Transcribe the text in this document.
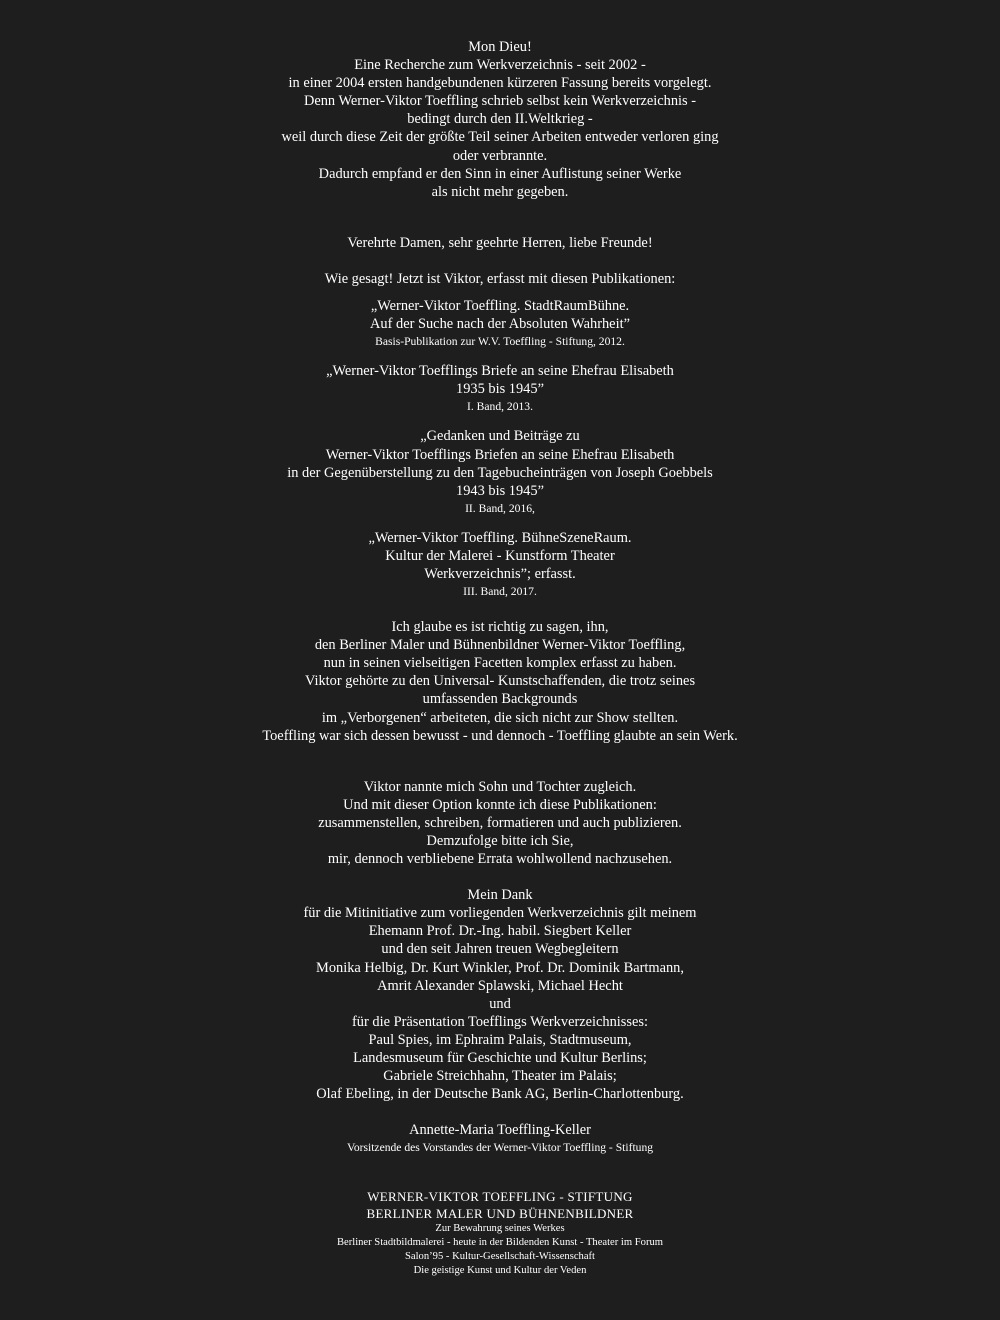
Mon Dieu!
Eine Recherche zum Werkverzeichnis - seit 2002 -
in einer 2004 ersten handgebundenen kürzeren Fassung bereits vorgelegt.
Denn Werner-Viktor Toeffling schrieb selbst kein Werkverzeichnis -
bedingt durch den II.Weltkrieg -
weil durch diese Zeit der größte Teil seiner Arbeiten entweder verloren ging
oder verbrannte.
Dadurch empfand er den Sinn in einer Auflistung seiner Werke
als nicht mehr gegeben.
Verehrte Damen, sehr geehrte Herren, liebe Freunde!
Wie gesagt! Jetzt ist Viktor, erfasst mit diesen Publikationen:
„Werner-Viktor Toeffling. StadtRaumBühne.
Auf der Suche nach der Absoluten Wahrheit”
Basis-Publikation zur W.V. Toeffling - Stiftung, 2012.
„Werner-Viktor Toefflings Briefe an seine Ehefrau Elisabeth
1935 bis 1945”
I. Band, 2013.
„Gedanken und Beiträge zu
Werner-Viktor Toefflings Briefen an seine Ehefrau Elisabeth
in der Gegenüberstellung zu den Tagebucheinträgen von Joseph Goebbels
1943 bis 1945”
II. Band, 2016,
„Werner-Viktor Toeffling. BühneSzeneRaum.
Kultur der Malerei - Kunstform Theater
Werkverzeichnis”; erfasst.
III. Band, 2017.
Ich glaube es ist richtig zu sagen, ihn,
den Berliner Maler und Bühnenbildner Werner-Viktor Toeffling,
nun in seinen vielseitigen Facetten komplex erfasst zu haben.
Viktor gehörte zu den Universal- Kunstschaffenden, die trotz seines
umfassenden Backgrounds
im „Verborgenen“ arbeiteten, die sich nicht zur Show stellten.
Toeffling war sich dessen bewusst - und dennoch - Toeffling glaubte an sein Werk.
Viktor nannte mich Sohn und Tochter zugleich.
Und mit dieser Option konnte ich diese Publikationen:
zusammenstellen, schreiben, formatieren und auch publizieren.
Demzufolge bitte ich Sie,
mir, dennoch verbliebene Errata wohlwollend nachzusehen.
Mein Dank
für die Mitinitiative zum vorliegenden Werkverzeichnis gilt meinem
Ehemann Prof. Dr.-Ing. habil. Siegbert Keller
und den seit Jahren treuen Wegbegleitern
Monika Helbig, Dr. Kurt Winkler, Prof. Dr. Dominik Bartmann,
Amrit Alexander Splawski, Michael Hecht
und
für die Präsentation Toefflings Werkverzeichnisses:
Paul Spies, im Ephraim Palais, Stadtmuseum,
Landesmuseum für Geschichte und Kultur Berlins;
Gabriele Streichhahn, Theater im Palais;
Olaf Ebeling, in der Deutsche Bank AG, Berlin-Charlottenburg.
Annette-Maria Toeffling-Keller
Vorsitzende des Vorstandes der Werner-Viktor Toeffling - Stiftung
WERNER-VIKTOR TOEFFLING - STIFTUNG
BERLINER MALER UND BÜHNENBILDNER
Zur Bewahrung seines Werkes
Berliner Stadtbildmalerei - heute in der Bildenden Kunst - Theater im Forum
Salon’95 - Kultur-Gesellschaft-Wissenschaft
Die geistige Kunst und Kultur der Veden
